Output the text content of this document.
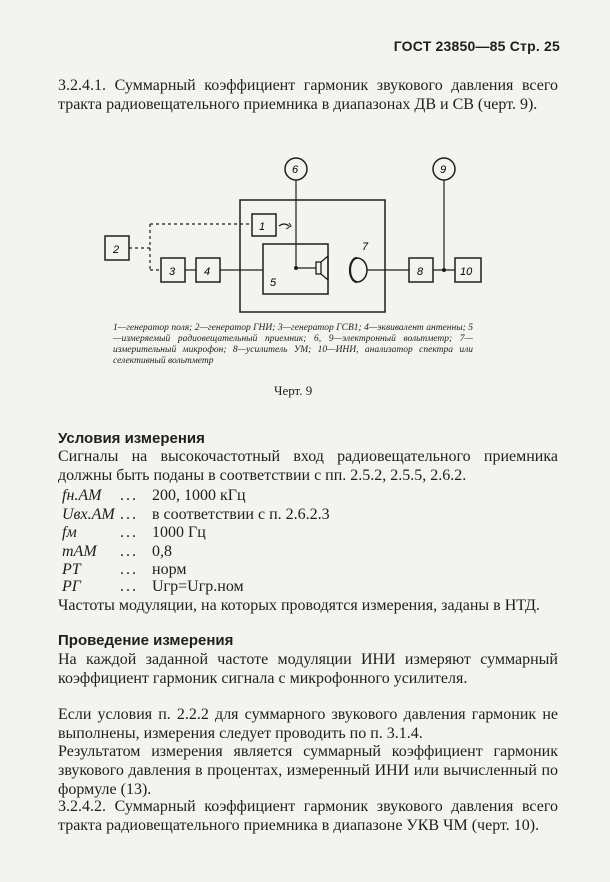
ГОСТ 23850—85 Стр. 25
3.2.4.1. Суммарный коэффициент гармоник звукового давления всего тракта радиовещательного приемника в диапазонах ДВ и СВ (черт. 9).
1
2
3	4
5
6
7
8
9
10
1—генератор поля; 2—генератор ГНИ; 3—генератор ГСВ1; 4—эквивалент антенны; 5—измеряемый радиовещательный приемник; 6, 9—электронный вольтметр; 7—измерительный микрофон; 8—усилитель УМ; 10—ИНИ, анализатор спектра или селективный вольтметр
Черт. 9
Условия измерения
Сигналы на высокочастотный вход радиовещательного приемника должны быть поданы в соответствии с пп. 2.5.2, 2.5.5, 2.6.2.
fн.AM ... 200, 1000 кГц
Uвх.AM ... в соответствии с п. 2.6.2.3
fм	... 1000 Гц
mAM ... 0,8
PT ... норм
PГ ... Uгр=Uгр.ном
Частоты модуляции, на которых проводятся измерения, заданы в НТД.
Проведение измерения
На каждой заданной частоте модуляции ИНИ измеряют суммарный коэффициент гармоник сигнала с микрофонного усилителя.
Если условия п. 2.2.2 для суммарного звукового давления гармоник не выполнены, измерения следует проводить по п. 3.1.4.
Результатом измерения является суммарный коэффициент гармоник звукового давления в процентах, измеренный ИНИ или вычисленный по формуле (13).
3.2.4.2. Суммарный коэффициент гармоник звукового давления всего тракта радиовещательного приемника в диапазоне УКВ ЧМ (черт. 10).
